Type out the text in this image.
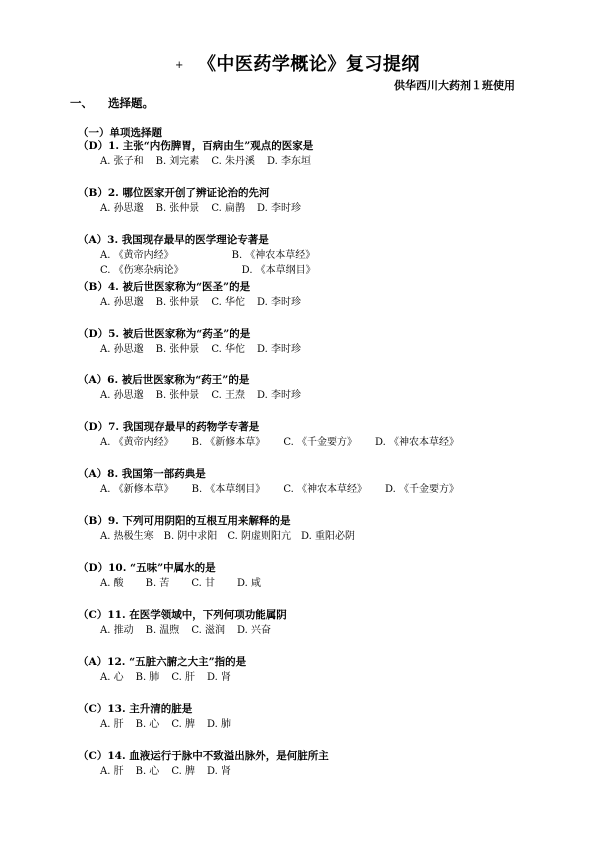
+ 《中医药学概论》复习提纲
供华西川大药剂１班使用
一、 选择题。
（一）单项选择题
（D）1. 主张“内伤脾胃，百病由生”观点的医家是
A. 张子和 B. 刘完素 C. 朱丹溪 D. 李东垣
（B）2. 哪位医家开创了辨证论治的先河
A. 孙思邈 B. 张仲景 C. 扁鹊 D. 李时珍
（A）3. 我国现存最早的医学理论专著是
A. 《黄帝内经》	B. 《神农本草经》
C. 《伤寒杂病论》	D. 《本草纲目》
（B）4. 被后世医家称为“医圣”的是
A. 孙思邈 B. 张仲景 C. 华佗 D. 李时珍
（D）5. 被后世医家称为“药圣”的是
A. 孙思邈 B. 张仲景 C. 华佗 D. 李时珍
（A）6. 被后世医家称为“药王”的是
A. 孙思邈 B. 张仲景 C. 王焘 D. 李时珍
（D）7. 我国现存最早的药物学专著是
A. 《黄帝内经》 B. 《新修本草》 C. 《千金要方》 D. 《神农本草经》
（A）8. 我国第一部药典是
A. 《新修本草》 B. 《本草纲目》 C. 《神农本草经》 D. 《千金要方》
（B）9. 下列可用阴阳的互根互用来解释的是
A. 热极生寒 B. 阴中求阳 C. 阴虚则阳亢 D. 重阳必阴
（D）10. “五味”中属水的是
A. 酸 B. 苦 C. 甘 D. 咸
（C）11. 在医学领域中，下列何项功能属阴
A. 推动 B. 温煦 C. 滋润 D. 兴奋
（A）12. “五脏六腑之大主”指的是
A. 心 B. 肺 C. 肝 D. 肾
（C）13. 主升清的脏是
A. 肝 B. 心 C. 脾 D. 肺
（C）14. 血液运行于脉中不致溢出脉外，是何脏所主
A. 肝 B. 心 C. 脾 D. 肾
